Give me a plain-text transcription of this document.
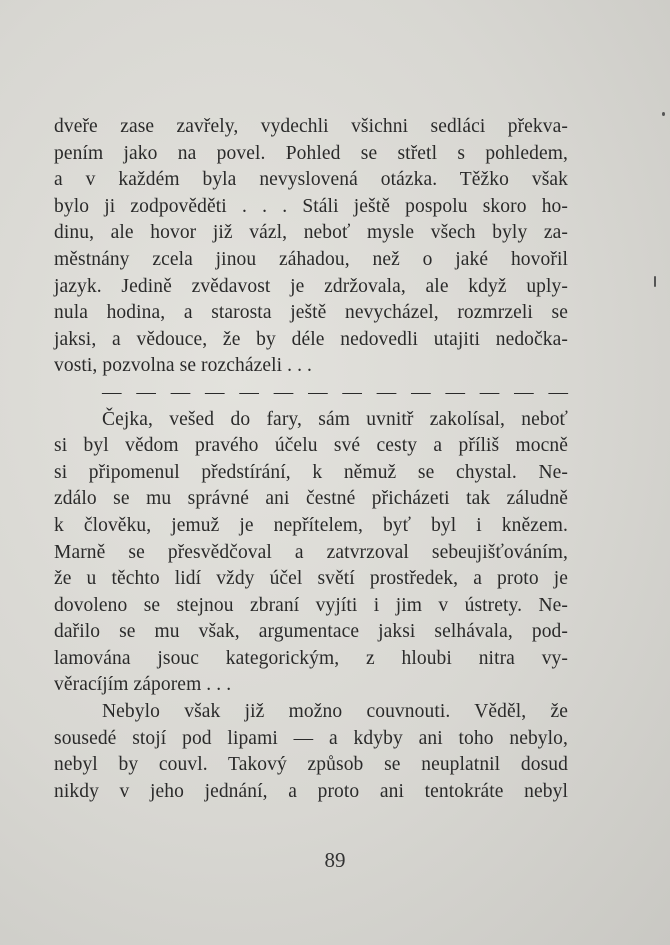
dveře zase zavřely, vydechli všichni sedláci překva-
pením jako na povel. Pohled se střetl s pohledem,
a v každém byla nevyslovená otázka. Těžko však
bylo ji zodpověděti . . . Stáli ještě pospolu skoro ho-
dinu, ale hovor již vázl, neboť mysle všech byly za-
městnány zcela jinou záhadou, než o jaké hovořil
jazyk. Jedině zvědavost je zdržovala, ale když uply-
nula hodina, a starosta ještě nevycházel, rozmrzeli se
jaksi, a vědouce, že by déle nedovedli utajiti nedočka-
vosti, pozvolna se rozcházeli . . .
— — — — — — — — — — — — — —
Čejka, vešed do fary, sám uvnitř zakolísal, neboť
si byl vědom pravého účelu své cesty a příliš mocně
si připomenul předstírání, k němuž se chystal. Ne-
zdálo se mu správné ani čestné přicházeti tak záludně
k člověku, jemuž je nepřítelem, byť byl i knězem.
Marně se přesvědčoval a zatvrzoval sebeujišťováním,
že u těchto lidí vždy účel světí prostředek, a proto je
dovoleno se stejnou zbraní vyjíti i jim v ústrety. Ne-
dařilo se mu však, argumentace jaksi selhávala, pod-
lamována jsouc kategorickým, z hloubi nitra vy-
věracíjím záporem . . .
Nebylo však již možno couvnouti. Věděl, že
sousedé stojí pod lipami — a kdyby ani toho nebylo,
nebyl by couvl. Takový způsob se neuplatnil dosud
nikdy v jeho jednání, a proto ani tentokráte nebyl
89
